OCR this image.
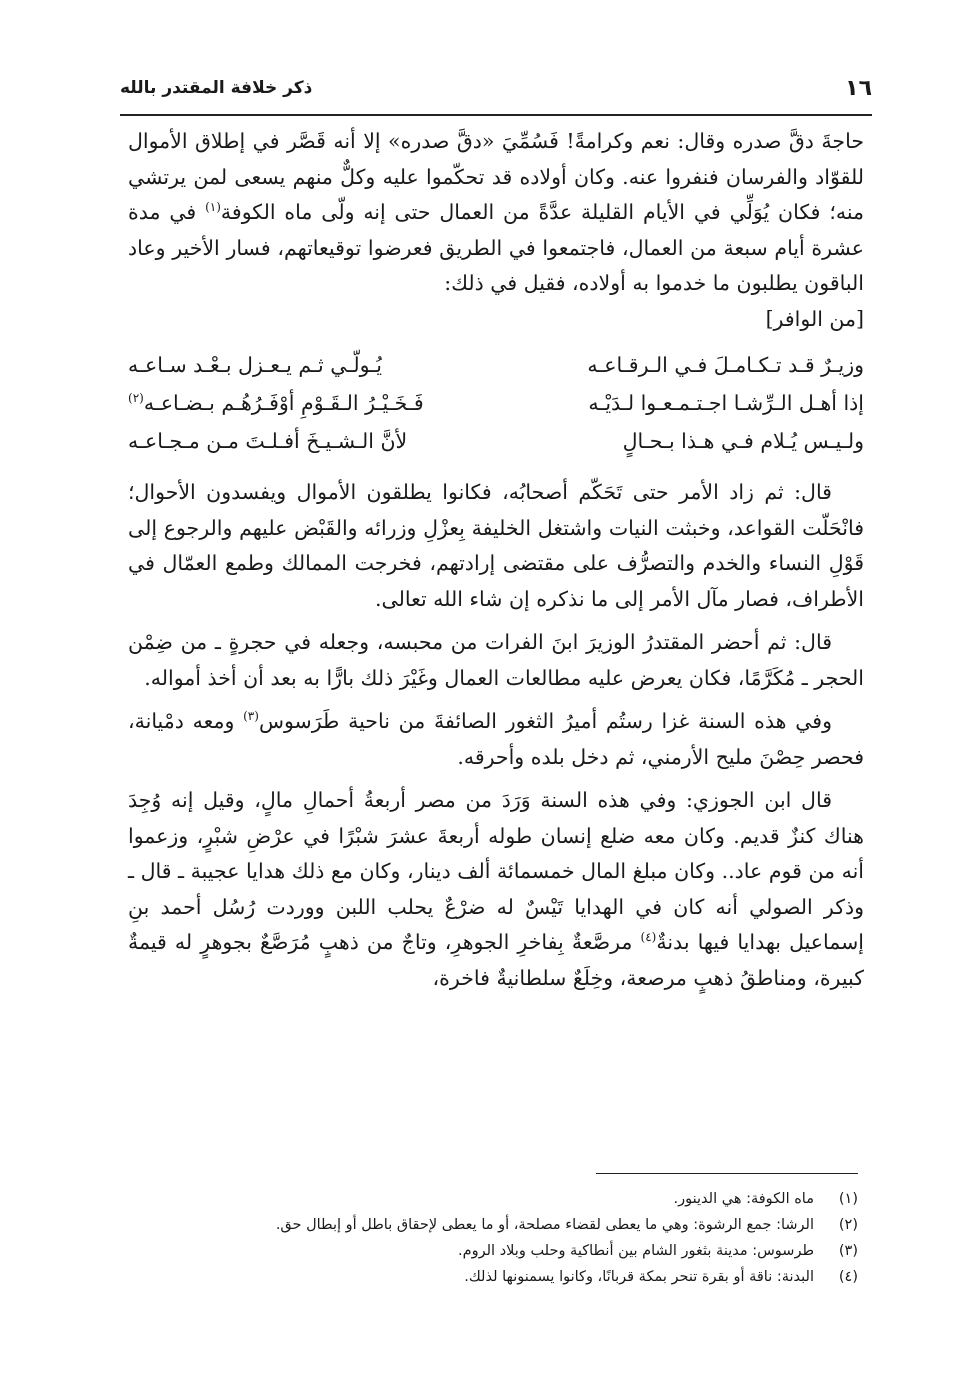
١٦
ذكر خلافة المقتدر بالله

حاجةَ دقَّ صدره وقال: نعم وكرامةً! فَسُمِّيَ «دقَّ صدره» إلا أنه قَصَّر في إطلاق الأموال للقوّاد والفرسان فنفروا عنه. وكان أولاده قد تحكّموا عليه وكلٌّ منهم يسعى لمن يرتشي منه؛ فكان يُوَلِّي في الأيام القليلة عدَّةً من العمال حتى إنه ولّى ماه الكوفة$^{(١)}$ في مدة عشرة أيام سبعة من العمال، فاجتمعوا في الطريق فعرضوا توقيعاتهم، فسار الأخير وعاد الباقون يطلبون ما خدموا به أولاده، فقيل في ذلك:

[من الوافر]

وزيـرٌ قـد تـكـامـلَ فـي الـرقـاعـه
يُـولّـي ثـم يـعـزل بـعْـد سـاعـه
إذا أهـل الـرِّشـا اجـتـمـعـوا لـدَيْـه
فَـخَـيْـرُ الـقَـوْمِ أوْفَـرُهُـم بـضـاعـه$^{(٢)}$
ولـيـس يُـلام فـي هـذا بـحـالٍ
لأنَّ الـشـيـخَ أفـلـتَ مـن مـجـاعـه

قال: ثم زاد الأمر حتى تَحَكّم أصحابُه، فكانوا يطلقون الأموال ويفسدون الأحوال؛ فانْحَلّت القواعد، وخبثت النيات واشتغل الخليفة بِعزْلِ وزرائه والقَبْض عليهم والرجوع إلى قَوْلِ النساء والخدم والتصرُّف على مقتضى إرادتهم، فخرجت الممالك وطمع العمّال في الأطراف، فصار مآل الأمر إلى ما نذكره إن شاء الله تعالى.

قال: ثم أحضر المقتدرُ الوزيرَ ابنَ الفرات من محبسه، وجعله في حجرةٍ ـ من ضِمْن الحجر ـ مُكَرَّمًا، فكان يعرض عليه مطالعات العمال وغَيْرَ ذلك بارًّا به بعد أن أخذ أمواله.

وفي هذه السنة غزا رستُم أميرُ الثغور الصائفةَ من ناحية طَرَسوس$^{(٣)}$ ومعه دمْيانة، فحصر حِصْنَ مليح الأرمني، ثم دخل بلده وأحرقه.

قال ابن الجوزي: وفي هذه السنة وَرَدَ من مصر أربعةُ أحمالِ مالٍ، وقيل إنه وُجِدَ هناك كنزٌ قديم. وكان معه ضلع إنسان طوله أربعةَ عشرَ شبْرًا في عرْضِ شبْرٍ، وزعموا أنه من قوم عاد.. وكان مبلغ المال خمسمائة ألف دينار، وكان مع ذلك هدايا عجيبة ـ قال ـ وذكر الصولي أنه كان في الهدايا تَيْسٌ له ضرْعٌ يحلب اللبن ووردت رُسُل أحمد بنِ إسماعيل بهدايا فيها بدنةٌ$^{(٤)}$ مرصَّعةٌ بِفاخرِ الجوهرِ، وتاجٌ من ذهبٍ مُرَصَّعٌ بجوهرٍ له قيمةٌ كبيرة، ومناطقُ ذهبٍ مرصعة، وخِلَعٌ سلطانيةٌ فاخرة،

(١)
ماه الكوفة: هي الدينور.
(٢)
الرشا: جمع الرشوة: وهي ما يعطى لقضاء مصلحة، أو ما يعطى لإحقاق باطل أو إبطال حق.
(٣)
طرسوس: مدينة بثغور الشام بين أنطاكية وحلب وبلاد الروم.
(٤)
البدنة: ناقة أو بقرة تنحر بمكة قربانًا، وكانوا يسمنونها لذلك.
